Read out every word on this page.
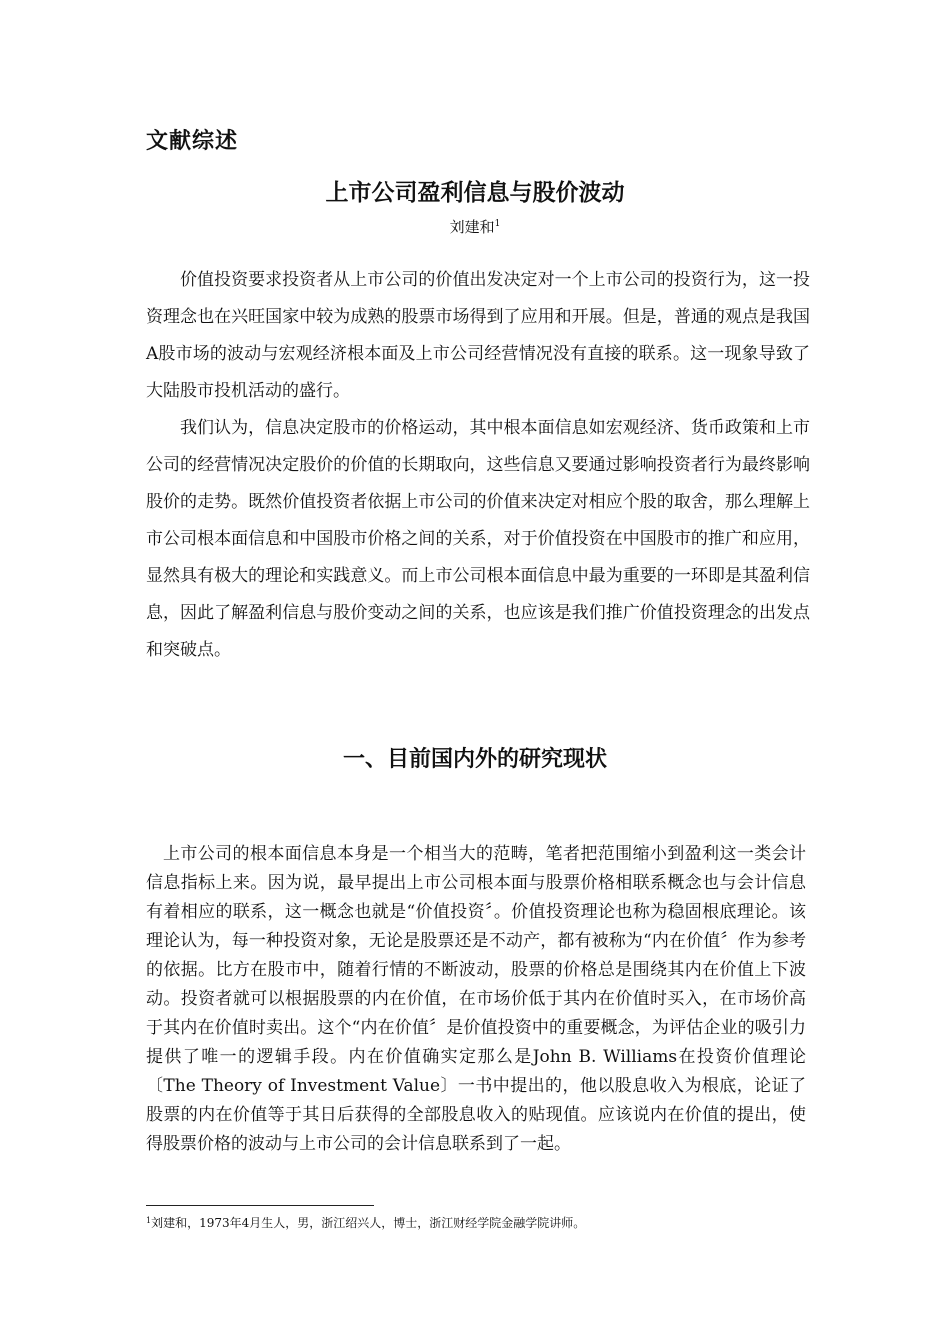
文献综述
上市公司盈利信息与股价波动
刘建和$^1$

价值投资要求投资者从上市公司的价值出发决定对一个上市公司的投资行为，这一投资理念也在兴旺国家中较为成熟的股票市场得到了应用和开展。但是，普通的观点是我国A股市场的波动与宏观经济根本面及上市公司经营情况没有直接的联系。这一现象导致了大陆股市投机活动的盛行。

我们认为，信息决定股市的价格运动，其中根本面信息如宏观经济、货币政策和上市公司的经营情况决定股价的价值的长期取向，这些信息又要通过影响投资者行为最终影响股价的走势。既然价值投资者依据上市公司的价值来决定对相应个股的取舍，那么理解上市公司根本面信息和中国股市价格之间的关系，对于价值投资在中国股市的推广和应用，显然具有极大的理论和实践意义。而上市公司根本面信息中最为重要的一环即是其盈利信息，因此了解盈利信息与股价变动之间的关系，也应该是我们推广价值投资理念的出发点和突破点。

一、目前国内外的研究现状

上市公司的根本面信息本身是一个相当大的范畴，笔者把范围缩小到盈利这一类会计信息指标上来。因为说，最早提出上市公司根本面与股票价格相联系概念也与会计信息有着相应的联系，这一概念也就是“价值投资〞。价值投资理论也称为稳固根底理论。该理论认为，每一种投资对象，无论是股票还是不动产，都有被称为“内在价值〞作为参考的依据。比方在股市中，随着行情的不断波动，股票的价格总是围绕其内在价值上下波动。投资者就可以根据股票的内在价值，在市场价低于其内在价值时买入，在市场价高于其内在价值时卖出。这个“内在价值〞是价值投资中的重要概念，为评估企业的吸引力提供了唯一的逻辑手段。内在价值确实定那么是John B. Williams在投资价值理论〔The Theory of Investment Value〕一书中提出的，他以股息收入为根底，论证了股票的内在价值等于其日后获得的全部股息收入的贴现值。应该说内在价值的提出，使得股票价格的波动与上市公司的会计信息联系到了一起。

$^1$刘建和，1973年4月生人，男，浙江绍兴人，博士，浙江财经学院金融学院讲师。
